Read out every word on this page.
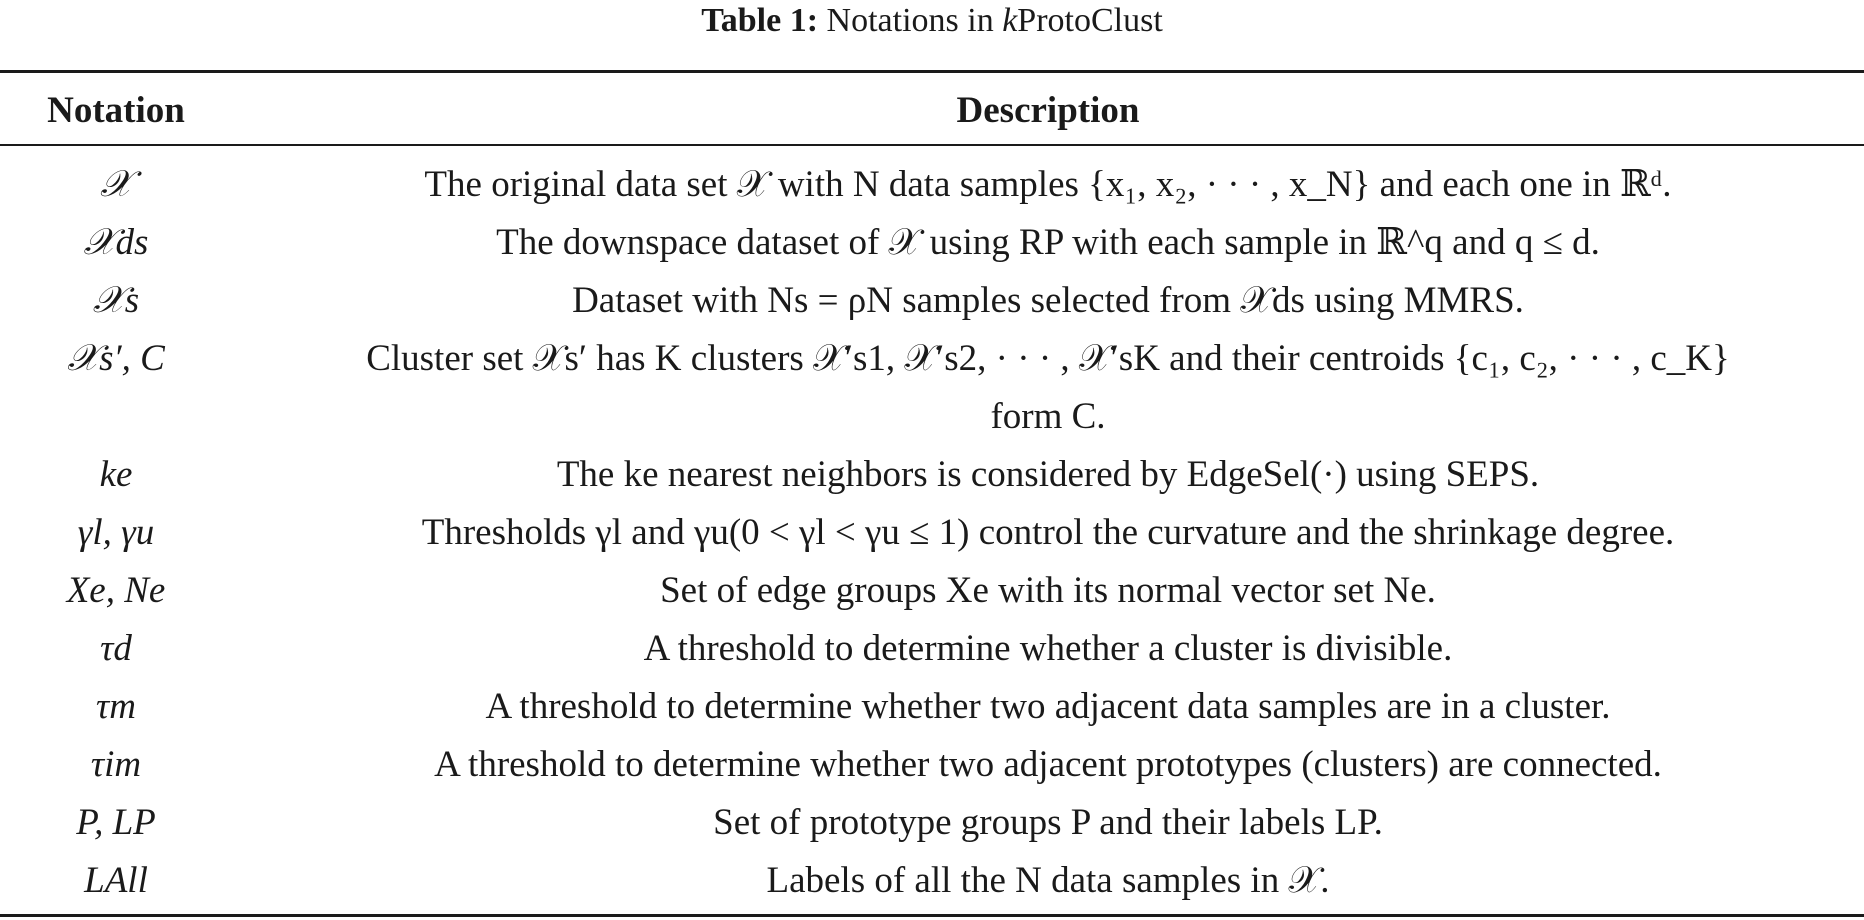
Table 1: Notations in kProtoClust
Notation	Description
𝒳	The original data set 𝒳 with N data samples {x₁, x₂, · · · , x_N} and each one in ℝᵈ.
𝒳ds	The downspace dataset of 𝒳 using RP with each sample in ℝ^q and q ≤ d.
𝒳s	Dataset with Ns = ρN samples selected from 𝒳ds using MMRS.
𝒳s′, C	Cluster set 𝒳s′ has K clusters 𝒳′s1, 𝒳′s2, · · · , 𝒳′sK and their centroids {c₁, c₂, · · · , c_K}
form C.
ke	The ke nearest neighbors is considered by EdgeSel(·) using SEPS.
γl, γu	Thresholds γl and γu(0 < γl < γu ≤ 1) control the curvature and the shrinkage degree.
Xe, Ne	Set of edge groups Xe with its normal vector set Ne.
τd	A threshold to determine whether a cluster is divisible.
τm	A threshold to determine whether two adjacent data samples are in a cluster.
τim	A threshold to determine whether two adjacent prototypes (clusters) are connected.
P, LP	Set of prototype groups P and their labels LP.
LAll	Labels of all the N data samples in 𝒳.
